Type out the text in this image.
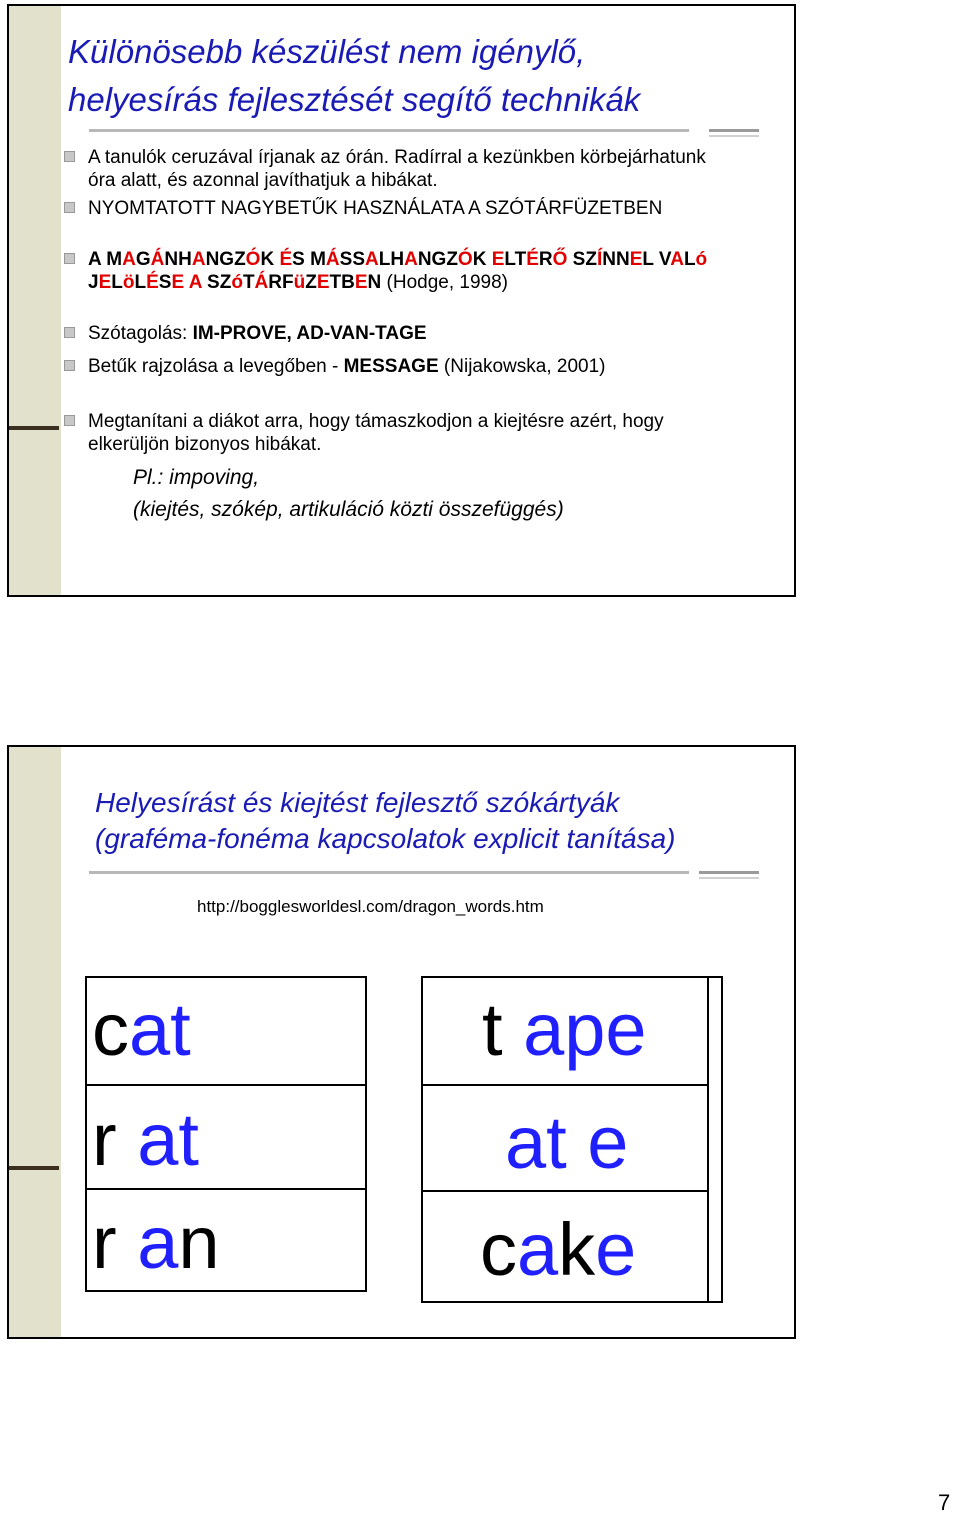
Különösebb készülést nem igénylő,
helyesírás fejlesztését segítő technikák
A tanulók ceruzával írjanak az órán. Radírral a kezünkben körbejárhatunk óra alatt, és azonnal javíthatjuk a hibákat.
NYOMTATOTT NAGYBETŰK HASZNÁLATA A SZÓTÁRFÜZETBEN
A MAGÁNHANGZÓK ÉS MÁSSALHANGZÓK ELTÉRŐ SZÍNNEL VALó JELöLÉSE A SZóTÁRFüZETBEN (Hodge, 1998)
Szótagolás: IM-PROVE, AD-VAN-TAGE
Betűk rajzolása a levegőben - MESSAGE (Nijakowska, 2001)
Megtanítani a diákot arra, hogy támaszkodjon a kiejtésre azért, hogy elkerüljön bizonyos hibákat.
Pl.: impoving,
(kiejtés, szókép, artikuláció közti összefüggés)
Helyesírást és kiejtést fejlesztő szókártyák
(graféma-fonéma kapcsolatok explicit tanítása)
http://bogglesworldesl.com/dragon_words.htm
cat
r at
r an
t ape
at e
cake
7
